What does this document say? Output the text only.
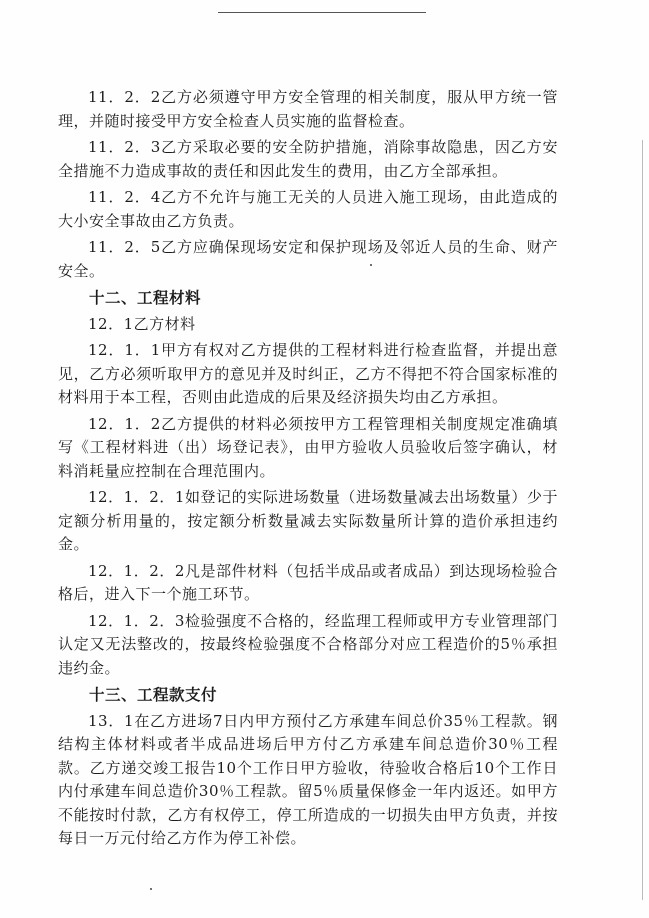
11．2．2乙方必须遵守甲方安全管理的相关制度，服从甲方统一管理，并随时接受甲方安全检查人员实施的监督检查。

11．2．3乙方采取必要的安全防护措施，消除事故隐患，因乙方安全措施不力造成事故的责任和因此发生的费用，由乙方全部承担。

11．2．4乙方不允许与施工无关的人员进入施工现场，由此造成的大小安全事故由乙方负责。

11．2．5乙方应确保现场安定和保护现场及邻近人员的生命、财产安全。

十二、工程材料

12．1乙方材料

12．1．1甲方有权对乙方提供的工程材料进行检查监督，并提出意见，乙方必须听取甲方的意见并及时纠正，乙方不得把不符合国家标准的材料用于本工程，否则由此造成的后果及经济损失均由乙方承担。

12．1．2乙方提供的材料必须按甲方工程管理相关制度规定准确填写《工程材料进（出）场登记表》，由甲方验收人员验收后签字确认，材料消耗量应控制在合理范围内。

12．1．2．1如登记的实际进场数量（进场数量减去出场数量）少于定额分析用量的，按定额分析数量减去实际数量所计算的造价承担违约金。

12．1．2．2凡是部件材料（包括半成品或者成品）到达现场检验合格后，进入下一个施工环节。

12．1．2．3检验强度不合格的，经监理工程师或甲方专业管理部门认定又无法整改的，按最终检验强度不合格部分对应工程造价的5％承担违约金。

十三、工程款支付

13．1在乙方进场7日内甲方预付乙方承建车间总价35％工程款。钢结构主体材料或者半成品进场后甲方付乙方承建车间总造价30％工程款。乙方递交竣工报告10个工作日甲方验收，待验收合格后10个工作日内付承建车间总造价30％工程款。留5％质量保修金一年内返还。如甲方不能按时付款，乙方有权停工，停工所造成的一切损失由甲方负责，并按每日一万元付给乙方作为停工补偿。
